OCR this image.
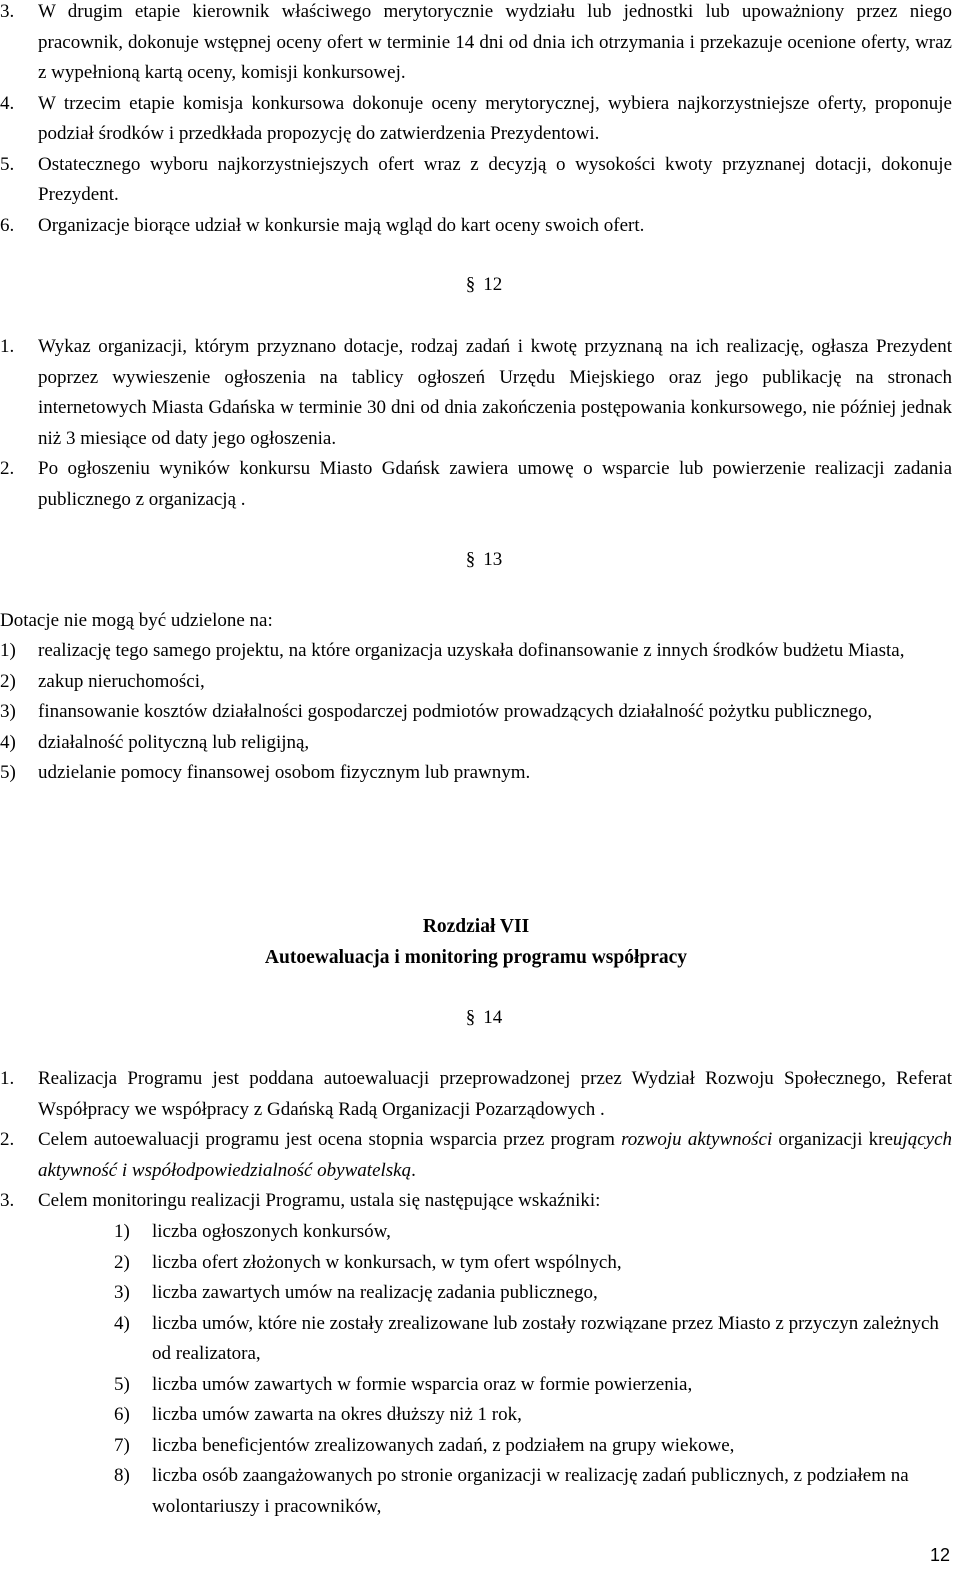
3.	W drugim etapie kierownik właściwego merytorycznie wydziału lub jednostki lub upoważniony przez niego pracownik, dokonuje wstępnej oceny ofert w terminie 14 dni od dnia ich otrzymania i przekazuje ocenione oferty, wraz z wypełnioną kartą oceny, komisji konkursowej.
4.	W trzecim etapie komisja konkursowa dokonuje oceny merytorycznej, wybiera najkorzystniejsze oferty, proponuje podział środków i przedkłada propozycję do zatwierdzenia Prezydentowi.
5.	Ostatecznego wyboru najkorzystniejszych ofert wraz z decyzją o wysokości kwoty przyznanej dotacji, dokonuje Prezydent.
6.	Organizacje biorące udział w konkursie mają wgląd do kart oceny swoich ofert.
§ 12
1.	Wykaz organizacji, którym przyznano dotacje, rodzaj zadań i kwotę przyznaną na ich realizację, ogłasza Prezydent poprzez wywieszenie ogłoszenia na tablicy ogłoszeń Urzędu Miejskiego oraz jego publikację na stronach internetowych Miasta Gdańska w terminie 30 dni od dnia zakończenia postępowania konkursowego, nie później jednak niż 3 miesiące od daty jego ogłoszenia.
2.	Po ogłoszeniu wyników konkursu Miasto Gdańsk zawiera umowę o wsparcie lub powierzenie realizacji zadania publicznego z organizacją .
§ 13
Dotacje nie mogą być udzielone na:
1)	realizację tego samego projektu, na które organizacja uzyskała dofinansowanie z innych środków budżetu Miasta,
2)	zakup nieruchomości,
3)	finansowanie kosztów działalności gospodarczej podmiotów prowadzących działalność pożytku publicznego,
4)	działalność polityczną lub religijną,
5)	udzielanie pomocy finansowej osobom fizycznym lub prawnym.
Rozdział VII
Autoewaluacja i monitoring programu współpracy
§ 14
1.	Realizacja Programu jest poddana autoewaluacji przeprowadzonej przez Wydział Rozwoju Społecznego, Referat Współpracy we współpracy z Gdańską Radą Organizacji Pozarządowych .
2.	Celem autoewaluacji programu jest ocena stopnia wsparcia przez program rozwoju aktywności organizacji kreujących aktywność i współodpowiedzialność obywatelską.
3.	Celem monitoringu realizacji Programu, ustala się następujące wskaźniki:
1) liczba ogłoszonych konkursów,
2) liczba ofert złożonych w konkursach, w tym ofert wspólnych,
3) liczba zawartych umów na realizację zadania publicznego,
4) liczba umów, które nie zostały zrealizowane lub zostały rozwiązane przez Miasto z przyczyn zależnych od realizatora,
5) liczba umów zawartych w formie wsparcia oraz w formie powierzenia,
6) liczba umów zawarta na okres dłuższy niż 1 rok,
7) liczba beneficjentów zrealizowanych zadań, z podziałem na grupy wiekowe,
8) liczba osób zaangażowanych po stronie organizacji w realizację zadań publicznych, z podziałem na wolontariuszy i pracowników,
12
